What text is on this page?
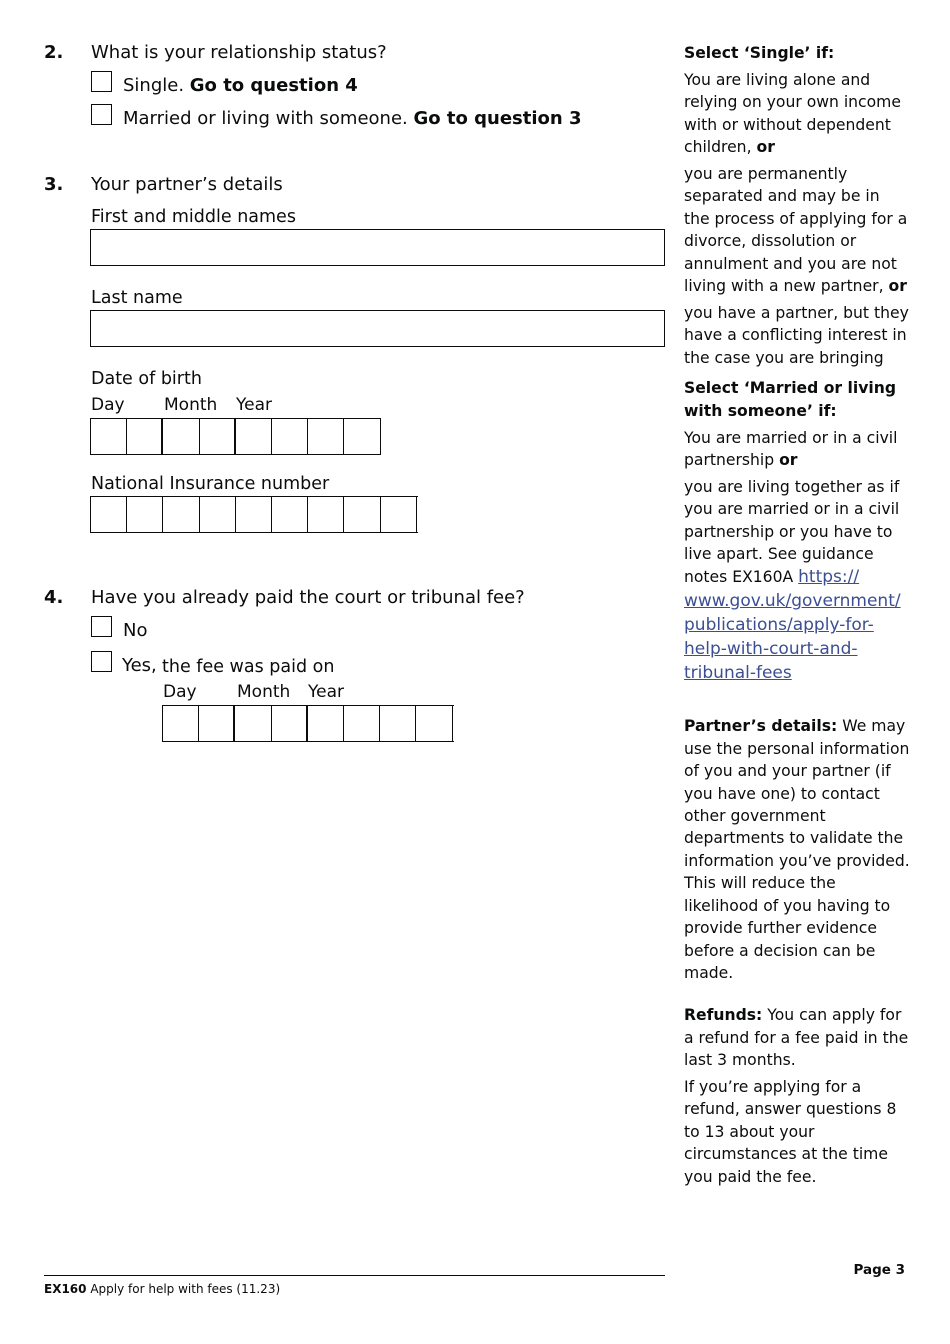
2. What is your relationship status?
Single. Go to question 4
Married or living with someone. Go to question 3
3. Your partner’s details
First and middle names
Last name
Date of birth
Day Month Year
National Insurance number
4. Have you already paid the court or tribunal fee?
No
Yes, the fee was paid on
Day Month Year

Select ‘Single’ if:

You are living alone and relying on your own income with or without dependent children, or

you are permanently separated and may be in the process of applying for a divorce, dissolution or annulment and you are not living with a new partner, or

you have a partner, but they have a conflicting interest in the case you are bringing

Select ‘Married or living with someone’ if:

You are married or in a civil partnership or

you are living together as if you are married or in a civil partnership or you have to live apart. See guidance notes EX160A https://
www.gov.uk/government/
publications/apply-for-
help-with-court-and-
tribunal-fees

Partner’s details: We may use the personal information of you and your partner (if you have one) to contact other government departments to validate the information you’ve provided. This will reduce the likelihood of you having to provide further evidence before a decision can be made.

Refunds: You can apply for a refund for a fee paid in the last 3 months.

If you’re applying for a refund, answer questions 8 to 13 about your circumstances at the time you paid the fee.

EX160 Apply for help with fees (11.23)
Page 3
